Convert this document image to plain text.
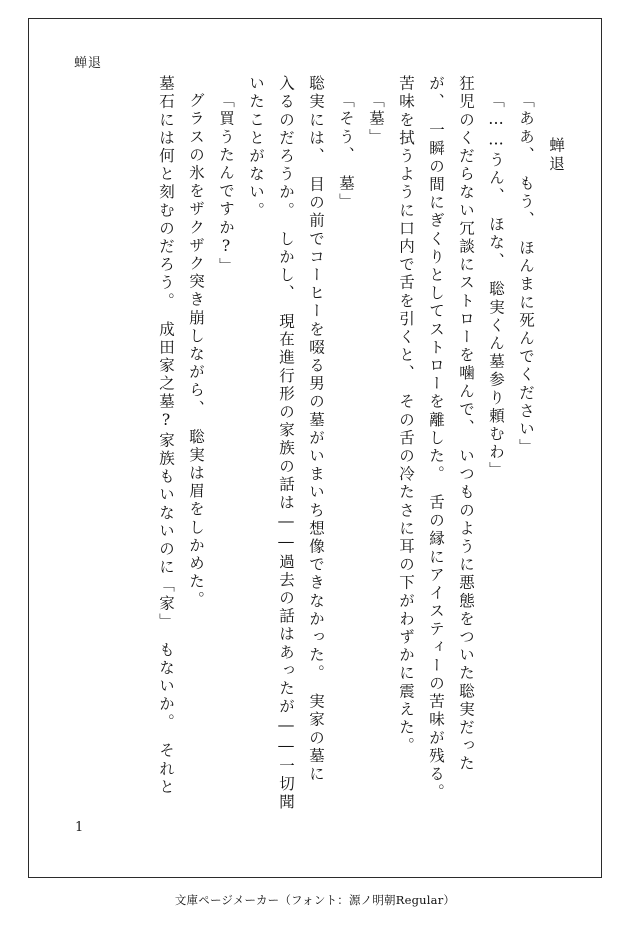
蝉退
蝉退
「ああ、　もう、　ほんまに死んでください」
「……うん、　ほな、　聡実くん墓参り頼むわ」
狂児のくだらない冗談にストローを噛んで、　いつものように悪態をついた聡実だった
が、　一瞬の間にぎくりとしてストローを離した。　舌の縁にアイスティーの苦味が残る。
苦味を拭うように口内で舌を引くと、　その舌の冷たさに耳の下がわずかに震えた。
「墓」
「そう、　墓」
聡実には、　目の前でコーヒーを啜る男の墓がいまいち想像できなかった。　実家の墓に
入るのだろうか。　しかし、　現在進行形の家族の話は――過去の話はあったが――一切聞
いたことがない。
「買うたんですか?」
グラスの氷をザクザク突き崩しながら、　聡実は眉をしかめた。
墓石には何と刻むのだろう。　成田家之墓?家族もいないのに「家」　もないか。　それと
1
文庫ページメーカー（フォント：源ノ明朝Regular）
